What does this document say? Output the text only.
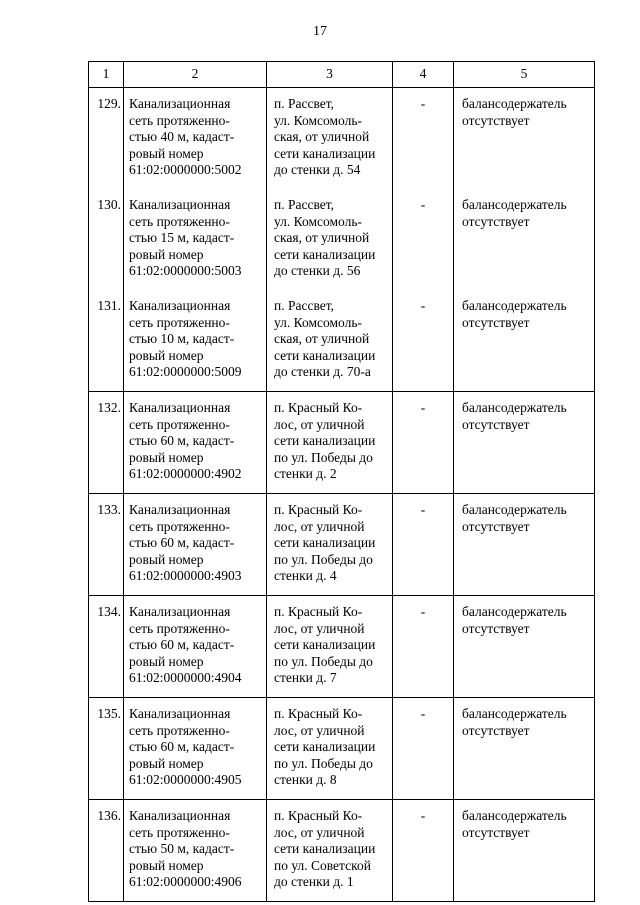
17
1	2	3	4	5
129.	Канализационная
сеть протяженно-
стью 40 м, кадаст-
ровый номер
61:02:0000000:5002	п. Рассвет,
ул. Комсомоль-
ская, от уличной
сети канализации
до стенки д. 54	-	балансодержатель
отсутствует

130.	Канализационная
сеть протяженно-
стью 15 м, кадаст-
ровый номер
61:02:0000000:5003	п. Рассвет,
ул. Комсомоль-
ская, от уличной
сети канализации
до стенки д. 56	-	балансодержатель
отсутствует

131.	Канализационная
сеть протяженно-
стью 10 м, кадаст-
ровый номер
61:02:0000000:5009	п. Рассвет,
ул. Комсомоль-
ская, от уличной
сети канализации
до стенки д. 70-а	-	балансодержатель
отсутствует

132.	Канализационная
сеть протяженно-
стью 60 м, кадаст-
ровый номер
61:02:0000000:4902	п. Красный Ко-
лос, от уличной
сети канализации
по ул. Победы до
стенки д. 2	-	балансодержатель
отсутствует

133.	Канализационная
сеть протяженно-
стью 60 м, кадаст-
ровый номер
61:02:0000000:4903	п. Красный Ко-
лос, от уличной
сети канализации
по ул. Победы до
стенки д. 4	-	балансодержатель
отсутствует

134.	Канализационная
сеть протяженно-
стью 60 м, кадаст-
ровый номер
61:02:0000000:4904	п. Красный Ко-
лос, от уличной
сети канализации
по ул. Победы до
стенки д. 7	-	балансодержатель
отсутствует

135.	Канализационная
сеть протяженно-
стью 60 м, кадаст-
ровый номер
61:02:0000000:4905	п. Красный Ко-
лос, от уличной
сети канализации
по ул. Победы до
стенки д. 8	-	балансодержатель
отсутствует

136.	Канализационная
сеть протяженно-
стью 50 м, кадаст-
ровый номер
61:02:0000000:4906	п. Красный Ко-
лос, от уличной
сети канализации
по ул. Советской
до стенки д. 1	-	балансодержатель
отсутствует
